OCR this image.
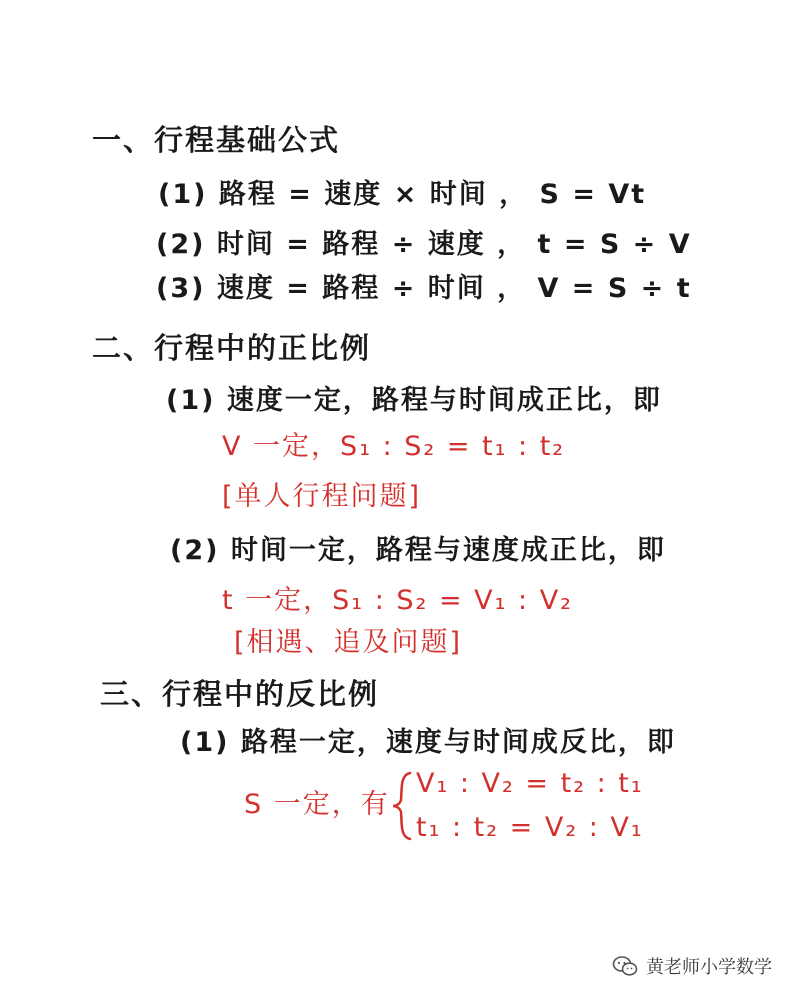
一、行程基础公式
(1) 路程 = 速度 × 时间 ， S = Vt
(2) 时间 = 路程 ÷ 速度 ， t = S ÷ V
(3) 速度 = 路程 ÷ 时间 ， V = S ÷ t
二、行程中的正比例
(1) 速度一定，路程与时间成正比，即
V 一定，S₁ : S₂ = t₁ : t₂
[单人行程问题]
(2) 时间一定，路程与速度成正比，即
t 一定，S₁ : S₂ = V₁ : V₂
[相遇、追及问题]
三、行程中的反比例
(1) 路程一定，速度与时间成反比，即
S 一定，有
V₁ : V₂ = t₂ : t₁
t₁ : t₂ = V₂ : V₁
黄老师小学数学
